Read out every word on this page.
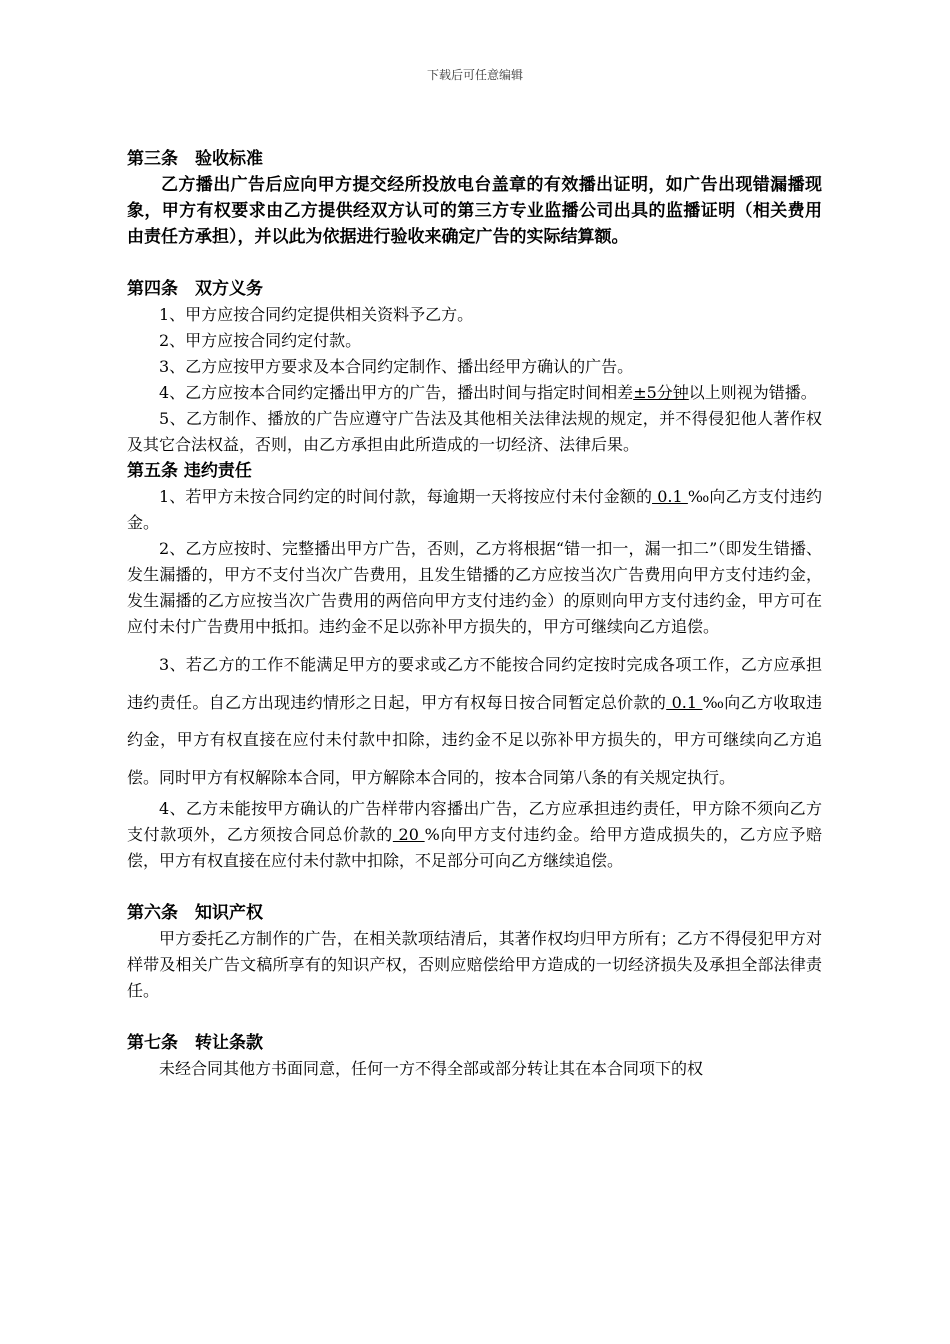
下载后可任意编辑

第三条　验收标准

乙方播出广告后应向甲方提交经所投放电台盖章的有效播出证明，如广告出现错漏播现象，甲方有权要求由乙方提供经双方认可的第三方专业监播公司出具的监播证明（相关费用由责任方承担），并以此为依据进行验收来确定广告的实际结算额。

第四条　双方义务

1、甲方应按合同约定提供相关资料予乙方。

2、甲方应按合同约定付款。

3、乙方应按甲方要求及本合同约定制作、播出经甲方确认的广告。

4、乙方应按本合同约定播出甲方的广告，播出时间与指定时间相差±5分钟以上则视为错播。

5、乙方制作、播放的广告应遵守广告法及其他相关法律法规的规定，并不得侵犯他人著作权及其它合法权益，否则，由乙方承担由此所造成的一切经济、法律后果。

第五条 违约责任

1、若甲方未按合同约定的时间付款，每逾期一天将按应付未付金额的 0.1 ‰向乙方支付违约金。

2、乙方应按时、完整播出甲方广告，否则，乙方将根据“错一扣一，漏一扣二”（即发生错播、发生漏播的，甲方不支付当次广告费用，且发生错播的乙方应按当次广告费用向甲方支付违约金，发生漏播的乙方应按当次广告费用的两倍向甲方支付违约金）的原则向甲方支付违约金，甲方可在应付未付广告费用中抵扣。违约金不足以弥补甲方损失的，甲方可继续向乙方追偿。

3、若乙方的工作不能满足甲方的要求或乙方不能按合同约定按时完成各项工作，乙方应承担违约责任。自乙方出现违约情形之日起，甲方有权每日按合同暂定总价款的 0.1 ‰向乙方收取违约金，甲方有权直接在应付未付款中扣除，违约金不足以弥补甲方损失的，甲方可继续向乙方追偿。同时甲方有权解除本合同，甲方解除本合同的，按本合同第八条的有关规定执行。

4、乙方未能按甲方确认的广告样带内容播出广告，乙方应承担违约责任，甲方除不须向乙方支付款项外，乙方须按合同总价款的 20 %向甲方支付违约金。给甲方造成损失的，乙方应予赔偿，甲方有权直接在应付未付款中扣除，不足部分可向乙方继续追偿。

第六条　知识产权

甲方委托乙方制作的广告，在相关款项结清后，其著作权均归甲方所有；乙方不得侵犯甲方对样带及相关广告文稿所享有的知识产权，否则应赔偿给甲方造成的一切经济损失及承担全部法律责任。

第七条　转让条款

未经合同其他方书面同意，任何一方不得全部或部分转让其在本合同项下的权
